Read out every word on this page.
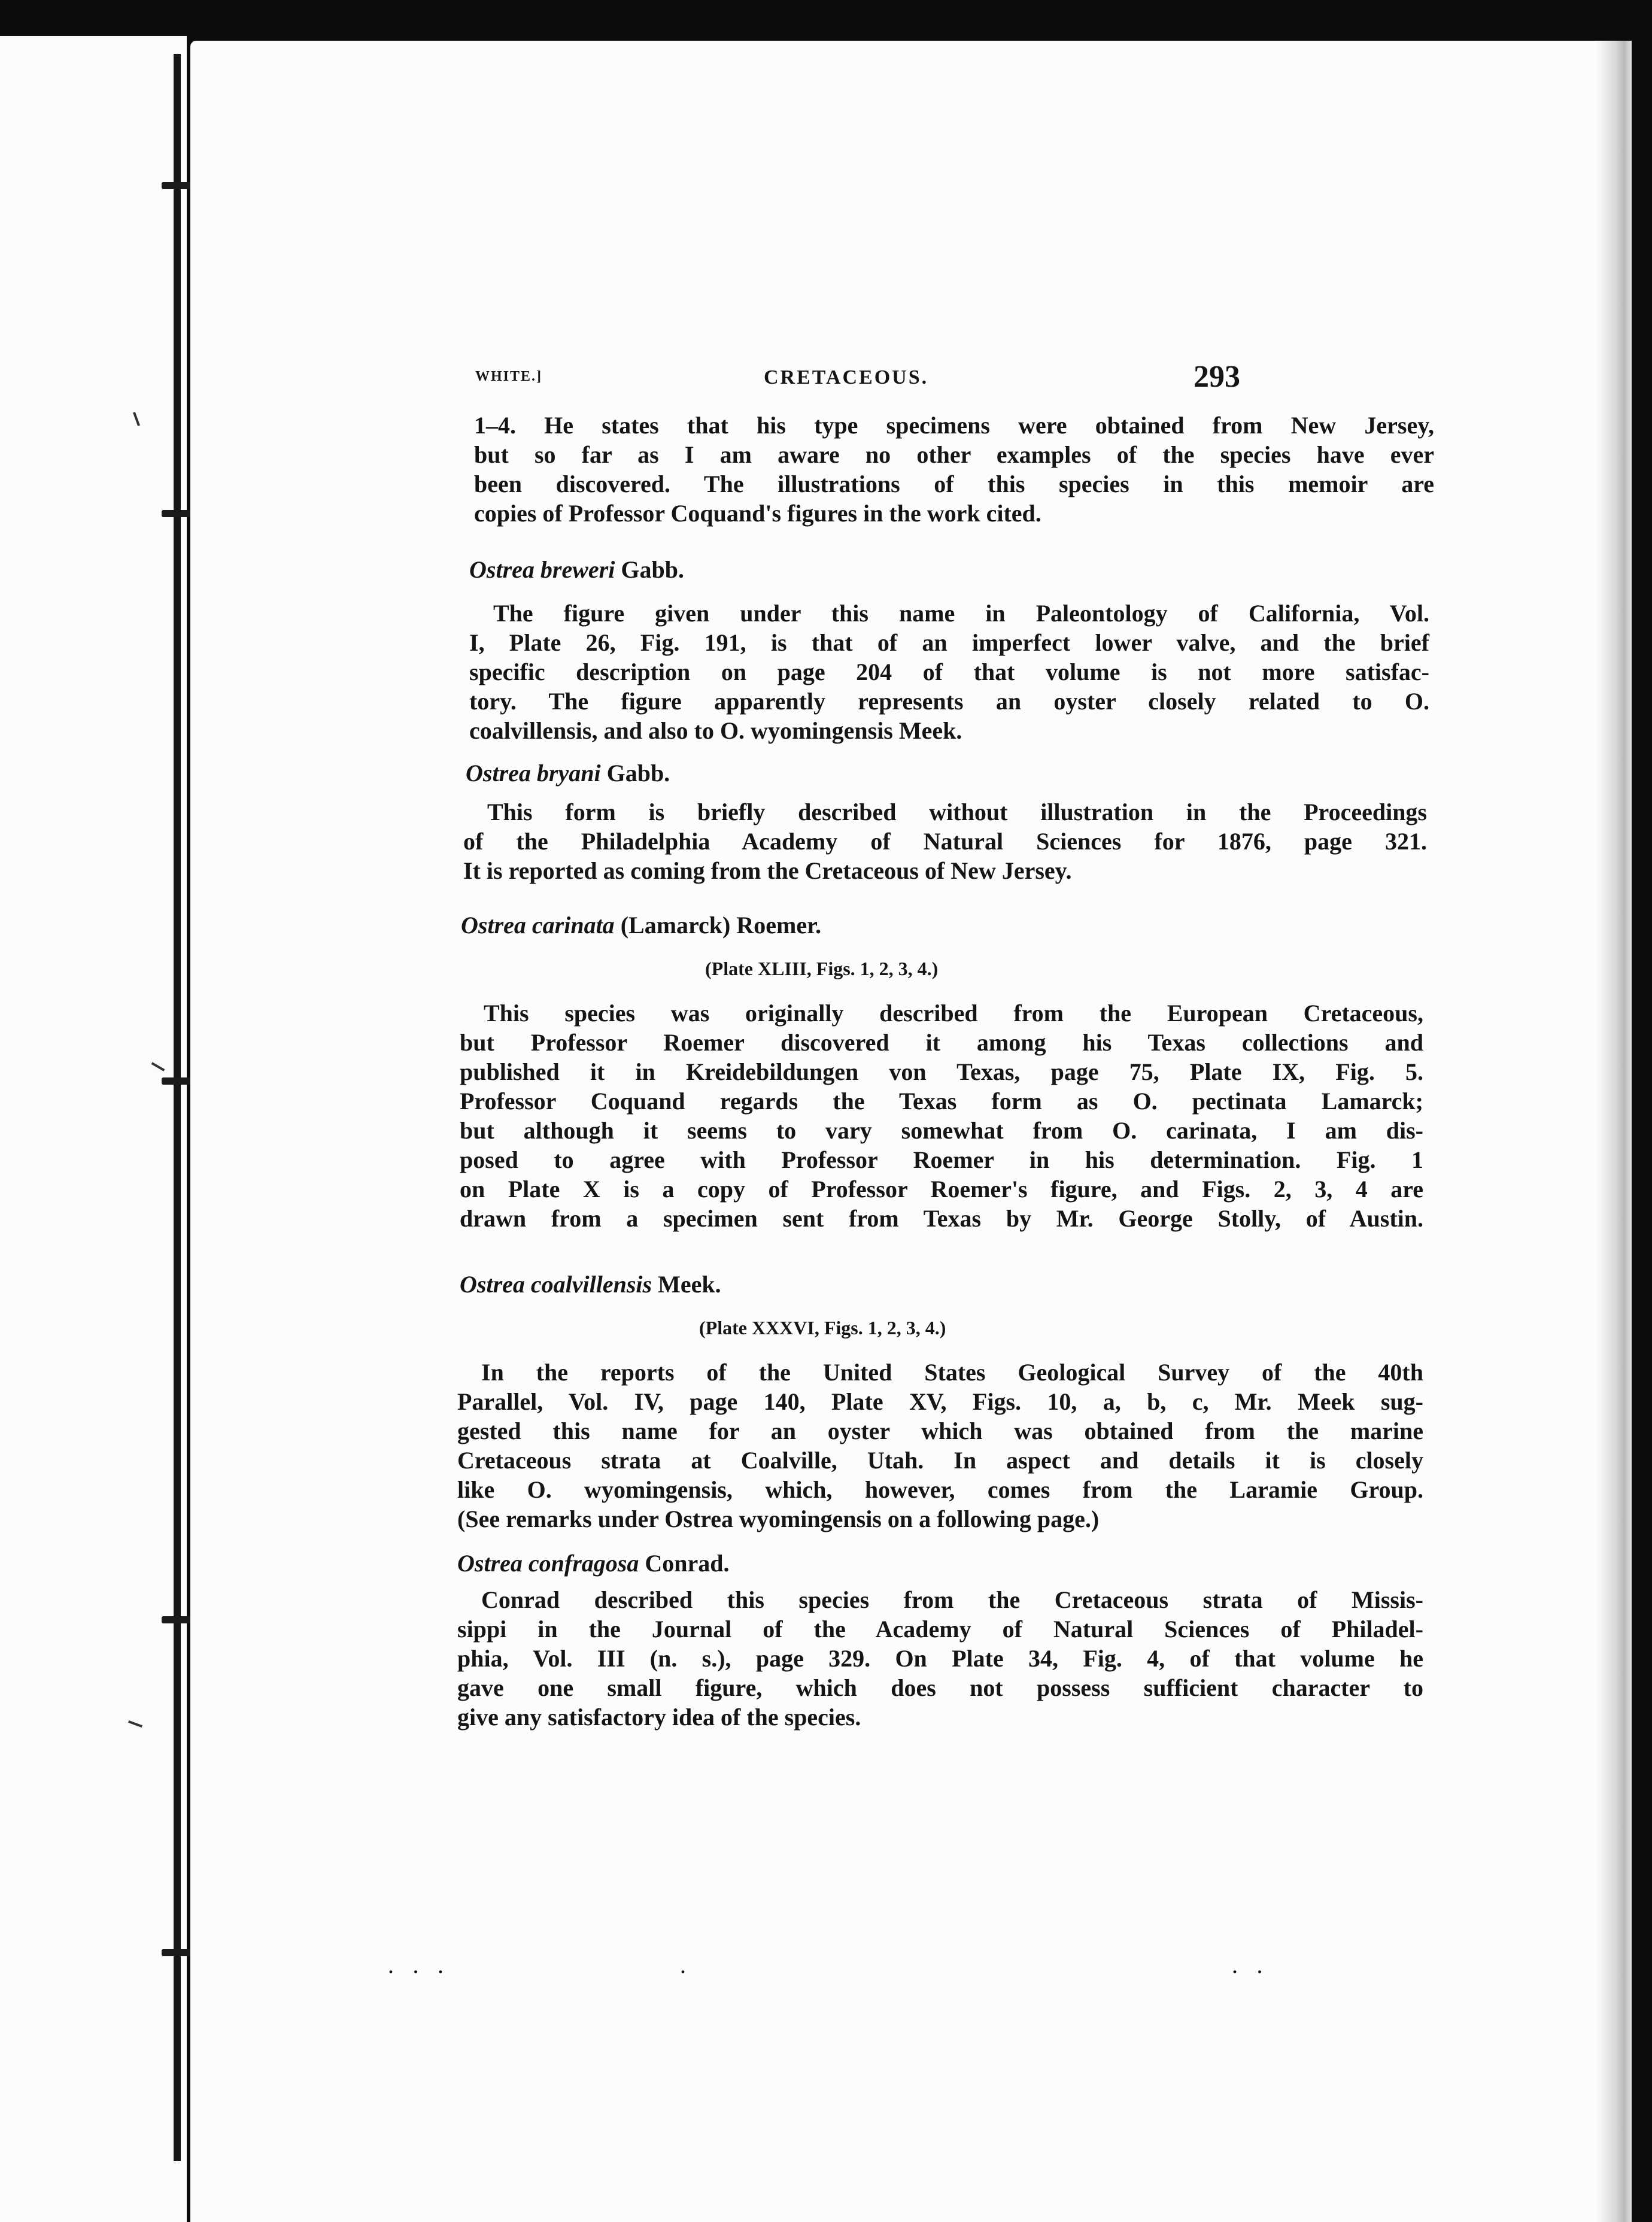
WHITE.]	CRETACEOUS.	293
1–4. He states that his type specimens were obtained from New Jersey,
but so far as I am aware no other examples of the species have ever
been discovered. The illustrations of this species in this memoir are
copies of Professor Coquand's figures in the work cited.
Ostrea breweri Gabb.
The figure given under this name in Paleontology of California, Vol.
I, Plate 26, Fig. 191, is that of an imperfect lower valve, and the brief
specific description on page 204 of that volume is not more satisfac-
tory. The figure apparently represents an oyster closely related to O.
coalvillensis, and also to O. wyomingensis Meek.
Ostrea bryani Gabb.
This form is briefly described without illustration in the Proceedings
of the Philadelphia Academy of Natural Sciences for 1876, page 321.
It is reported as coming from the Cretaceous of New Jersey.
Ostrea carinata (Lamarck) Roemer.
(Plate XLIII, Figs. 1, 2, 3, 4.)
This species was originally described from the European Cretaceous,
but Professor Roemer discovered it among his Texas collections and
published it in Kreidebildungen von Texas, page 75, Plate IX, Fig. 5.
Professor Coquand regards the Texas form as O. pectinata Lamarck;
but although it seems to vary somewhat from O. carinata, I am dis-
posed to agree with Professor Roemer in his determination. Fig. 1
on Plate X is a copy of Professor Roemer's figure, and Figs. 2, 3, 4 are
drawn from a specimen sent from Texas by Mr. George Stolly, of Austin.
Ostrea coalvillensis Meek.
(Plate XXXVI, Figs. 1, 2, 3, 4.)
In the reports of the United States Geological Survey of the 40th
Parallel, Vol. IV, page 140, Plate XV, Figs. 10, a, b, c, Mr. Meek sug-
gested this name for an oyster which was obtained from the marine
Cretaceous strata at Coalville, Utah. In aspect and details it is closely
like O. wyomingensis, which, however, comes from the Laramie Group.
(See remarks under Ostrea wyomingensis on a following page.)
Ostrea confragosa Conrad.
Conrad described this species from the Cretaceous strata of Missis-
sippi in the Journal of the Academy of Natural Sciences of Philadel-
phia, Vol. III (n. s.), page 329. On Plate 34, Fig. 4, of that volume he
gave one small figure, which does not possess sufficient character to
give any satisfactory idea of the species.
· · ·	·	· ·
